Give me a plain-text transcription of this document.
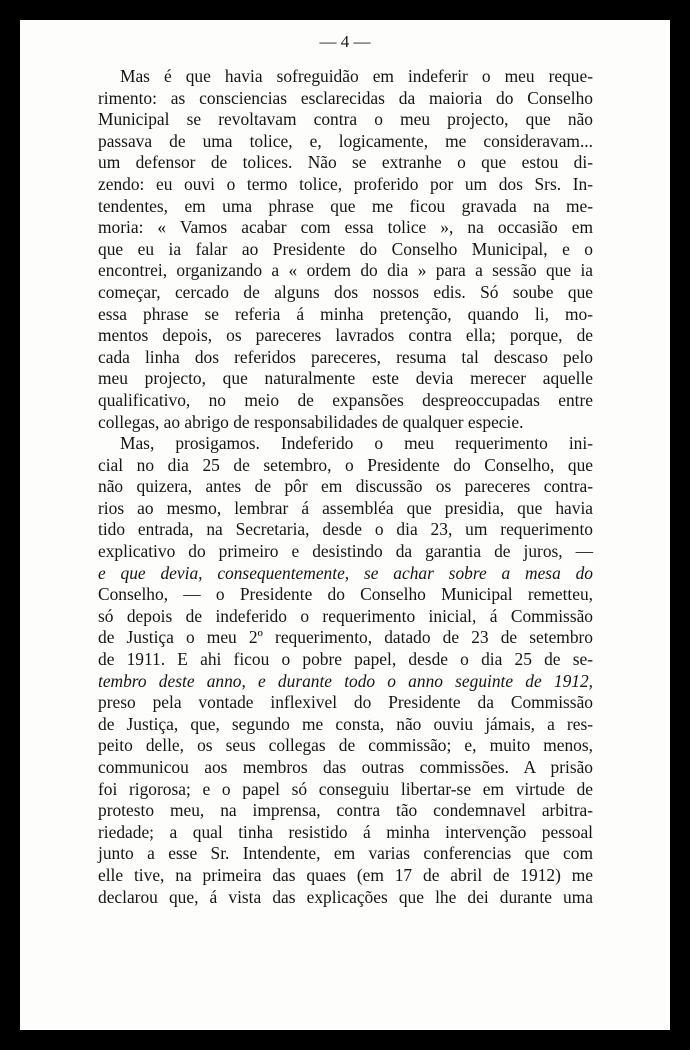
— 4 —
Mas é que havia sofreguidão em indeferir o meu reque-
rimento: as consciencias esclarecidas da maioria do Conselho
Municipal se revoltavam contra o meu projecto, que não
passava de uma tolice, e, logicamente, me consideravam...
um defensor de tolices. Não se extranhe o que estou di-
zendo: eu ouvi o termo tolice, proferido por um dos Srs. In-
tendentes, em uma phrase que me ficou gravada na me-
moria: « Vamos acabar com essa tolice », na occasião em
que eu ia falar ao Presidente do Conselho Municipal, e o
encontrei, organizando a « ordem do dia » para a sessão que ia
começar, cercado de alguns dos nossos edis. Só soube que
essa phrase se referia á minha pretenção, quando li, mo-
mentos depois, os pareceres lavrados contra ella; porque, de
cada linha dos referidos pareceres, resuma tal descaso pelo
meu projecto, que naturalmente este devia merecer aquelle
qualificativo, no meio de expansões despreoccupadas entre
collegas, ao abrigo de responsabilidades de qualquer especie.
Mas, prosigamos. Indeferido o meu requerimento ini-
cial no dia 25 de setembro, o Presidente do Conselho, que
não quizera, antes de pôr em discussão os pareceres contra-
rios ao mesmo, lembrar á assembléa que presidia, que havia
tido entrada, na Secretaria, desde o dia 23, um requerimento
explicativo do primeiro e desistindo da garantia de juros, —
e que devia, consequentemente, se achar sobre a mesa do
Conselho, — o Presidente do Conselho Municipal remetteu,
só depois de indeferido o requerimento inicial, á Commissão
de Justiça o meu 2º requerimento, datado de 23 de setembro
de 1911. E ahi ficou o pobre papel, desde o dia 25 de se-
tembro deste anno, e durante todo o anno seguinte de 1912,
preso pela vontade inflexivel do Presidente da Commissão
de Justiça, que, segundo me consta, não ouviu jámais, a res-
peito delle, os seus collegas de commissão; e, muito menos,
communicou aos membros das outras commissões. A prisão
foi rigorosa; e o papel só conseguiu libertar-se em virtude de
protesto meu, na imprensa, contra tão condemnavel arbitra-
riedade; a qual tinha resistido á minha intervenção pessoal
junto a esse Sr. Intendente, em varias conferencias que com
elle tive, na primeira das quaes (em 17 de abril de 1912) me
declarou que, á vista das explicações que lhe dei durante uma
